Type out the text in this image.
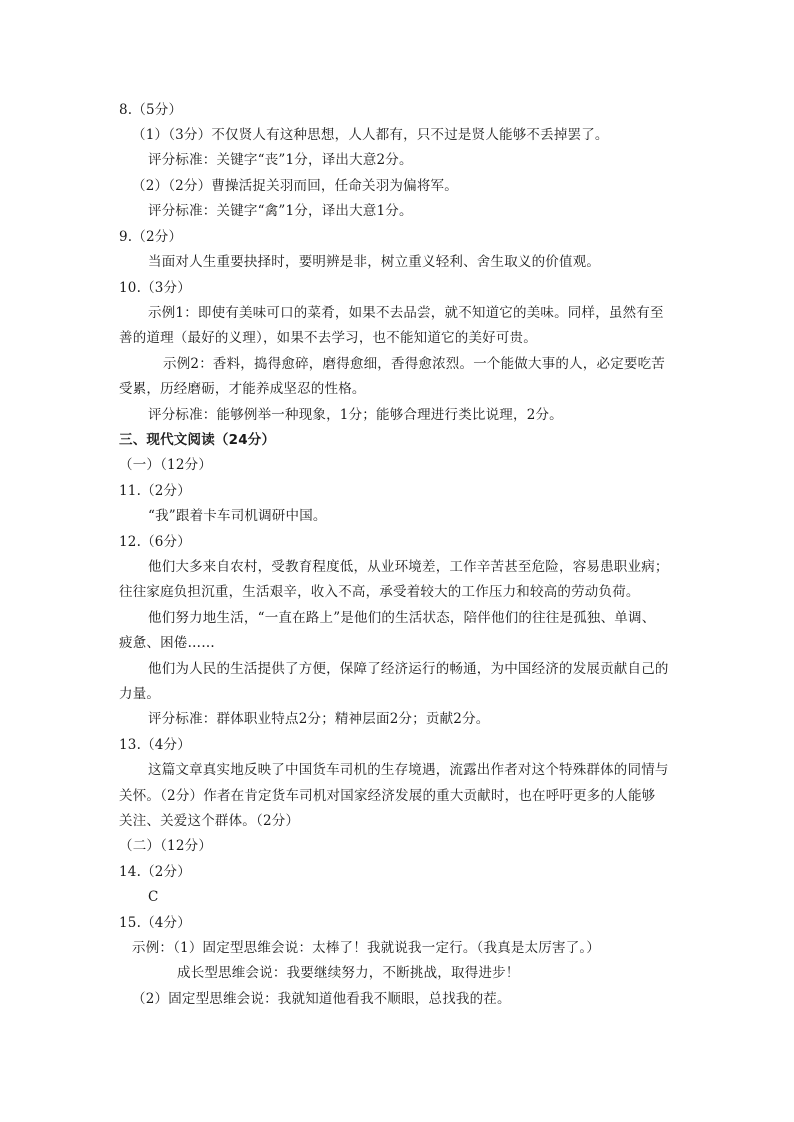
8.（5分）
（1）（3分）不仅贤人有这种思想，人人都有，只不过是贤人能够不丢掉罢了。
评分标准：关键字“丧”1分，译出大意2分。
（2）（2分）曹操活捉关羽而回，任命关羽为偏将军。
评分标准：关键字“禽”1分，译出大意1分。
9.（2分）
当面对人生重要抉择时，要明辨是非，树立重义轻利、舍生取义的价值观。
10.（3分）
示例1：即使有美味可口的菜肴，如果不去品尝，就不知道它的美味。同样，虽然有至
善的道理（最好的义理），如果不去学习，也不能知道它的美好可贵。
示例2：香料，捣得愈碎，磨得愈细，香得愈浓烈。一个能做大事的人，必定要吃苦
受累，历经磨砺，才能养成坚忍的性格。
评分标准：能够例举一种现象，1分；能够合理进行类比说理，2分。
三、现代文阅读（24分）
（一）（12分）
11.（2分）
“我”跟着卡车司机调研中国。
12.（6分）
他们大多来自农村，受教育程度低，从业环境差，工作辛苦甚至危险，容易患职业病；
往往家庭负担沉重，生活艰辛，收入不高，承受着较大的工作压力和较高的劳动负荷。
他们努力地生活，“一直在路上”是他们的生活状态，陪伴他们的往往是孤独、单调、
疲惫、困倦……
他们为人民的生活提供了方便，保障了经济运行的畅通，为中国经济的发展贡献自己的
力量。
评分标准：群体职业特点2分；精神层面2分；贡献2分。
13.（4分）
这篇文章真实地反映了中国货车司机的生存境遇，流露出作者对这个特殊群体的同情与
关怀。（2分）作者在肯定货车司机对国家经济发展的重大贡献时，也在呼吁更多的人能够
关注、关爱这个群体。（2分）
（二）（12分）
14.（2分）
C
15.（4分）
示例：（1）固定型思维会说：太棒了！我就说我一定行。（我真是太厉害了。）
成长型思维会说：我要继续努力，不断挑战，取得进步！
（2）固定型思维会说：我就知道他看我不顺眼，总找我的茬。
